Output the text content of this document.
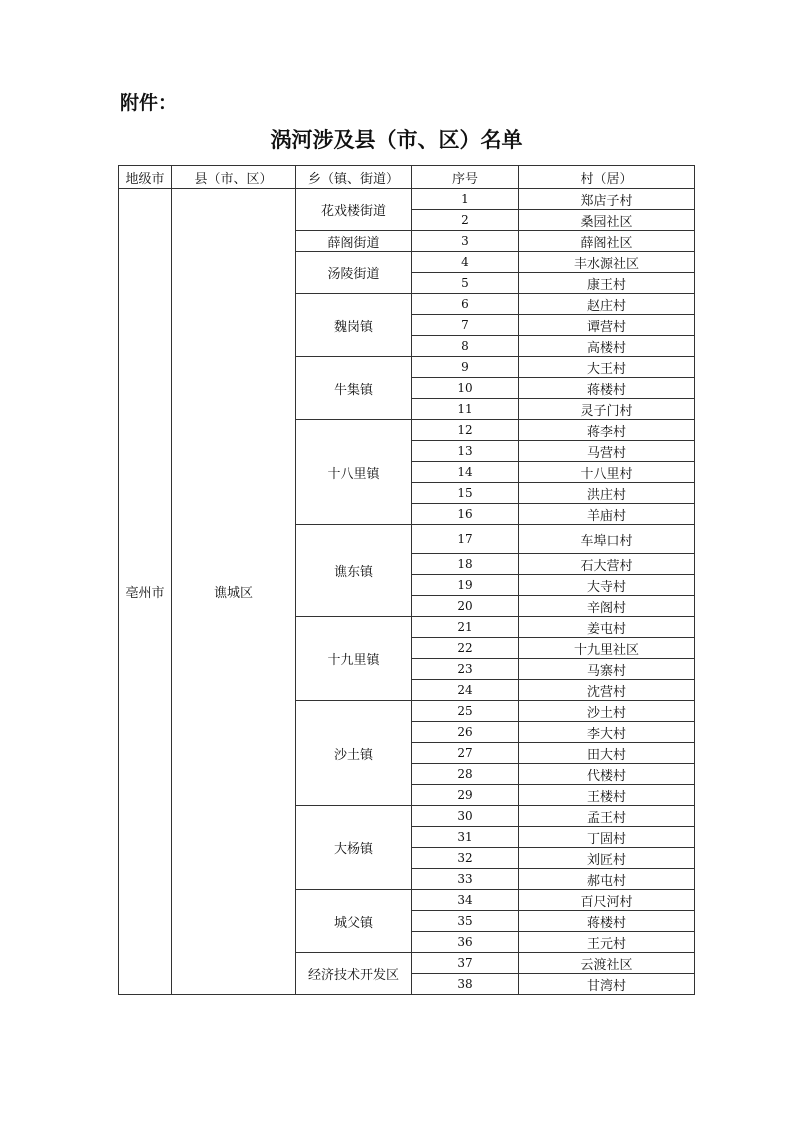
附件：
涡河涉及县（市、区）名单
地级市	县（市、区）	乡（镇、街道）	序号	村（居）
亳州市	谯城区	花戏楼街道	1	郑店子村
			2	桑园社区
		薛阁街道	3	薛阁社区
		汤陵街道	4	丰水源社区
			5	康王村
		魏岗镇	6	赵庄村
			7	谭营村
			8	高楼村
		牛集镇	9	大王村
			10	蒋楼村
			11	灵子门村
		十八里镇	12	蒋李村
			13	马营村
			14	十八里村
			15	洪庄村
			16	羊庙村
		谯东镇	17	车埠口村
			18	石大营村
			19	大寺村
			20	辛阁村
		十九里镇	21	姜屯村
			22	十九里社区
			23	马寨村
			24	沈营村
		沙土镇	25	沙土村
			26	李大村
			27	田大村
			28	代楼村
			29	王楼村
		大杨镇	30	孟王村
			31	丁固村
			32	刘匠村
			33	郝屯村
		城父镇	34	百尺河村
			35	蒋楼村
			36	王元村
		经济技术开发区	37	云渡社区
			38	甘湾村
